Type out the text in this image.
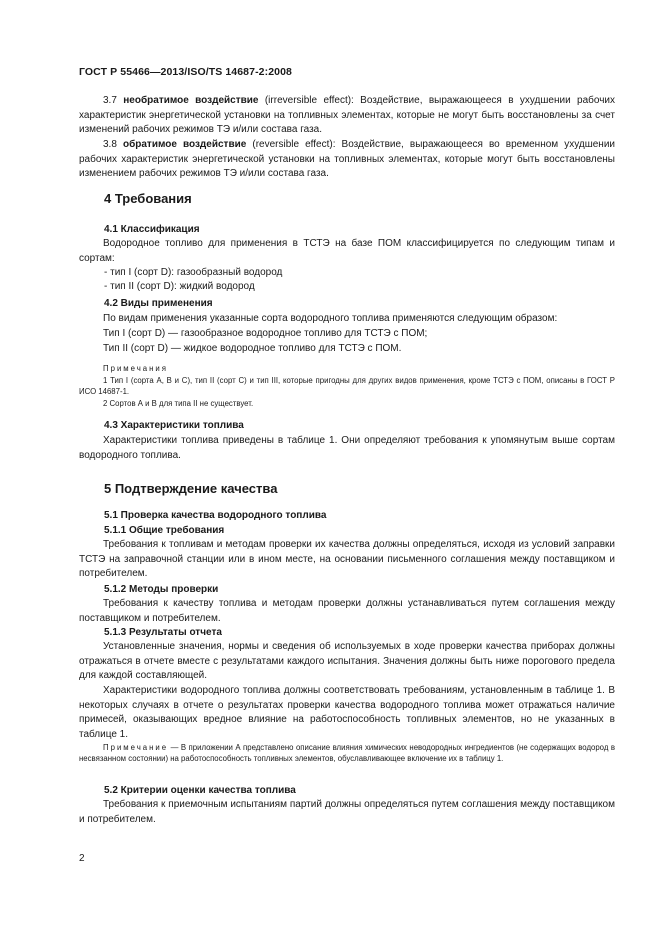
ГОСТ Р 55466—2013/ISO/TS 14687-2:2008
3.7 необратимое воздействие (irreversible effect): Воздействие, выражающееся в ухудшении рабочих характеристик энергетической установки на топливных элементах, которые не могут быть восстановлены за счет изменений рабочих режимов ТЭ и/или состава газа.
3.8 обратимое воздействие (reversible effect): Воздействие, выражающееся во временном ухудшении рабочих характеристик энергетической установки на топливных элементах, которые могут быть восстановлены изменением рабочих режимов ТЭ и/или состава газа.
4 Требования
4.1 Классификация
Водородное топливо для применения в ТСТЭ на базе ПОМ классифицируется по следующим типам и сортам:
- тип I (сорт D): газообразный водород
- тип II (сорт D): жидкий водород
4.2 Виды применения
По видам применения указанные сорта водородного топлива применяются следующим образом:
Тип I (сорт D) — газообразное водородное топливо для ТСТЭ с ПОМ;
Тип II (сорт D) — жидкое водородное топливо для ТСТЭ с ПОМ.
Примечания
1 Тип I (сорта А, В и С), тип II (сорт С) и тип III, которые пригодны для других видов применения, кроме ТСТЭ с ПОМ, описаны в ГОСТ Р ИСО 14687-1.
2 Сортов А и В для типа II не существует.
4.3 Характеристики топлива
Характеристики топлива приведены в таблице 1. Они определяют требования к упомянутым выше сортам водородного топлива.
5 Подтверждение качества
5.1 Проверка качества водородного топлива
5.1.1 Общие требования
Требования к топливам и методам проверки их качества должны определяться, исходя из условий заправки ТСТЭ на заправочной станции или в ином месте, на основании письменного соглашения между поставщиком и потребителем.
5.1.2 Методы проверки
Требования к качеству топлива и методам проверки должны устанавливаться путем соглашения между поставщиком и потребителем.
5.1.3 Результаты отчета
Установленные значения, нормы и сведения об используемых в ходе проверки качества приборах должны отражаться в отчете вместе с результатами каждого испытания. Значения должны быть ниже порогового предела для каждой составляющей.
Характеристики водородного топлива должны соответствовать требованиям, установленным в таблице 1. В некоторых случаях в отчете о результатах проверки качества водородного топлива может отражаться наличие примесей, оказывающих вредное влияние на работоспособность топливных элементов, но не указанных в таблице 1.
Примечание — В приложении А представлено описание влияния химических неводородных ингредиентов (не содержащих водород в несвязанном состоянии) на работоспособность топливных элементов, обуславливающее включение их в таблицу 1.
5.2 Критерии оценки качества топлива
Требования к приемочным испытаниям партий должны определяться путем соглашения между поставщиком и потребителем.
2
